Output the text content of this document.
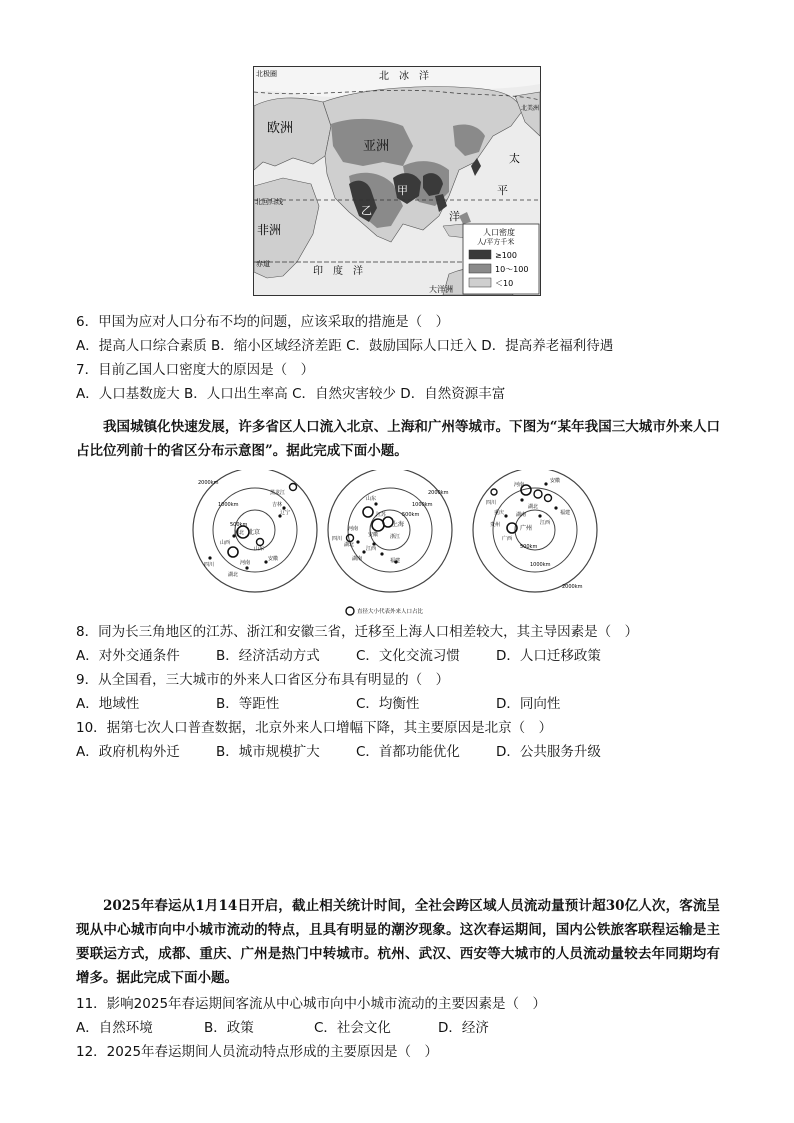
北极圈	北　冰　洋
欧洲
亚洲
太
平
洋
北回归线
非洲
甲
乙
赤道
印　度　洋
大洋洲
北美洲
人口密度
人/平方千米
≥100
10～100
＜10
6．甲国为应对人口分布不均的问题，应该采取的措施是（　）
A．提高人口综合素质 B．缩小区域经济差距 C．鼓励国际人口迁入 D．提高养老福利待遇
7．目前乙国人口密度大的原因是（　）
A．人口基数庞大 B．人口出生率高 C．自然灾害较少 D．自然资源丰富
我国城镇化快速发展，许多省区人口流入北京、上海和广州等城市。下图为“某年我国三大城市外来人口占比位列前十的省区分布示意图”。据此完成下面小题。
北京
500km
1000km
2000km
黑龙江
吉林
辽宁
河北
山西
山东
河南
安徽
湖北
四川
上海
500km
1000km
2000km
山东
江苏
安徽
河南
浙江
江西
湖北
湖南
四川
福建
广州
500km
1000km
2000km
河南
安徽
湖北
四川
重庆 湖南
江西
福建
广西
贵州
直径大小代表外来人口占比
8．同为长三角地区的江苏、浙江和安徽三省，迁移至上海人口相差较大，其主导因素是（　）
A．对外交通条件	B．经济活动方式	C．文化交流习惯	D．人口迁移政策
9．从全国看，三大城市的外来人口省区分布具有明显的（　）
A．地域性	B．等距性	C．均衡性	D．同向性
10．据第七次人口普查数据，北京外来人口增幅下降，其主要原因是北京（　）
A．政府机构外迁	B．城市规模扩大	C．首都功能优化	D．公共服务升级
2025年春运从1月14日开启，截止相关统计时间，全社会跨区域人员流动量预计超30亿人次，客流呈现从中心城市向中小城市流动的特点，且具有明显的潮汐现象。这次春运期间，国内公铁旅客联程运输是主要联运方式，成都、重庆、广州是热门中转城市。杭州、武汉、西安等大城市的人员流动量较去年同期均有增多。据此完成下面小题。
11．影响2025年春运期间客流从中心城市向中小城市流动的主要因素是（　）
A．自然环境	B．政策	C．社会文化	D．经济
12．2025年春运期间人员流动特点形成的主要原因是（　）
